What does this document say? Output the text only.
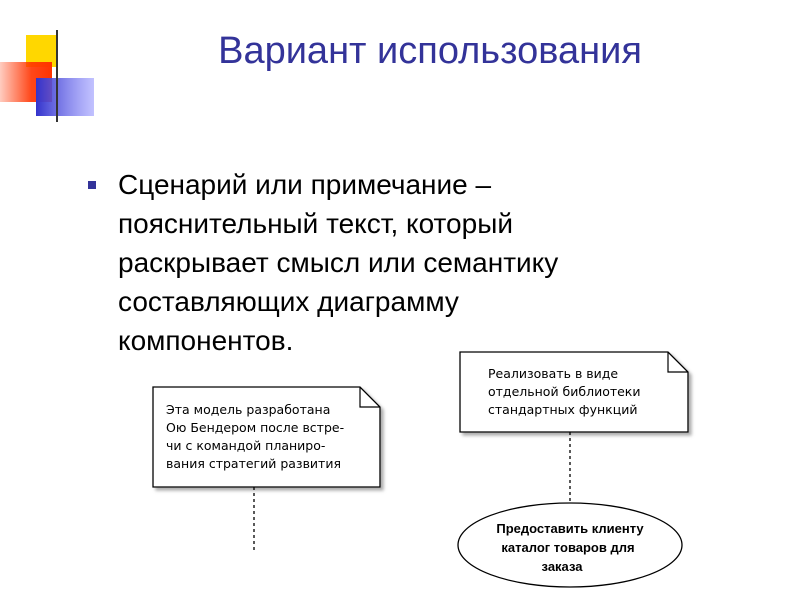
Вариант использования
Сценарий или примечание –
пояснительный текст, который
раскрывает смысл или семантику
составляющих диаграмму
компонентов.
Эта модель разработана
Ою Бендером после встре-
чи с командой планиро-
вания стратегий развития
Реализовать в виде
отдельной библиотеки
стандартных функций
Предоставить клиенту
каталог товаров для
заказа
